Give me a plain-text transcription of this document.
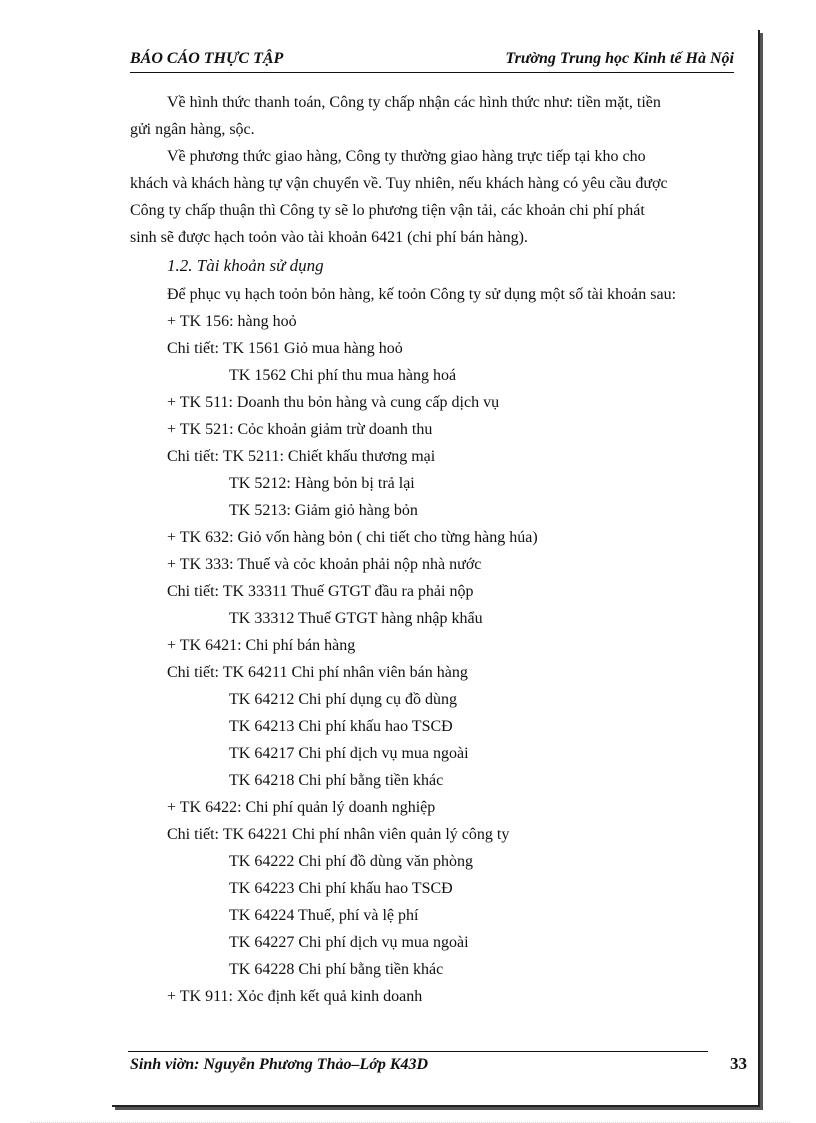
BÁO CÁO THỰC TẬP	Trường Trung học Kinh tế Hà Nội
Về hình thức thanh toán, Công ty chấp nhận các hình thức như: tiền mặt, tiền
gửi ngân hàng, sộc.
Về phương thức giao hàng, Công ty thường giao hàng trực tiếp tại kho cho
khách và khách hàng tự vận chuyển về. Tuy nhiên, nếu khách hàng có yêu cầu được
Công ty chấp thuận thì Công ty sẽ lo phương tiện vận tải, các khoản chi phí phát
sinh sẽ được hạch toỏn vào tài khoản 6421 (chi phí bán hàng).
1.2. Tài khoản sử dụng
Để phục vụ hạch toỏn bỏn hàng, kế toỏn Công ty sử dụng một số tài khoản sau:
+ TK 156: hàng hoỏ
Chi tiết: TK 1561 Giỏ mua hàng hoỏ
TK 1562 Chi phí thu mua hàng hoá
+ TK 511: Doanh thu bỏn hàng và cung cấp dịch vụ
+ TK 521: Cỏc khoản giảm trừ doanh thu
Chi tiết: TK 5211: Chiết khấu thương mại
TK 5212: Hàng bỏn bị trả lại
TK 5213: Giảm giỏ hàng bỏn
+ TK 632: Giỏ vốn hàng bỏn ( chi tiết cho từng hàng húa)
+ TK 333: Thuế và cỏc khoản phải nộp nhà nước
Chi tiết: TK 33311 Thuế GTGT đầu ra phải nộp
TK 33312 Thuế GTGT hàng nhập khẩu
+ TK 6421: Chi phí bán hàng
Chi tiết: TK 64211 Chi phí nhân viên bán hàng
TK 64212 Chi phí dụng cụ đồ dùng
TK 64213 Chi phí khấu hao TSCĐ
TK 64217 Chi phí dịch vụ mua ngoài
TK 64218 Chi phí bằng tiền khác
+ TK 6422: Chi phí quản lý doanh nghiệp
Chi tiết: TK 64221 Chi phí nhân viên quản lý công ty
TK 64222 Chi phí đồ dùng văn phòng
TK 64223 Chi phí khấu hao TSCĐ
TK 64224 Thuế, phí và lệ phí
TK 64227 Chi phí dịch vụ mua ngoài
TK 64228 Chi phí bằng tiền khác
+ TK 911: Xỏc định kết quả kinh doanh
Sinh viờn: Nguyễn Phương Thảo–Lớp K43D	33
